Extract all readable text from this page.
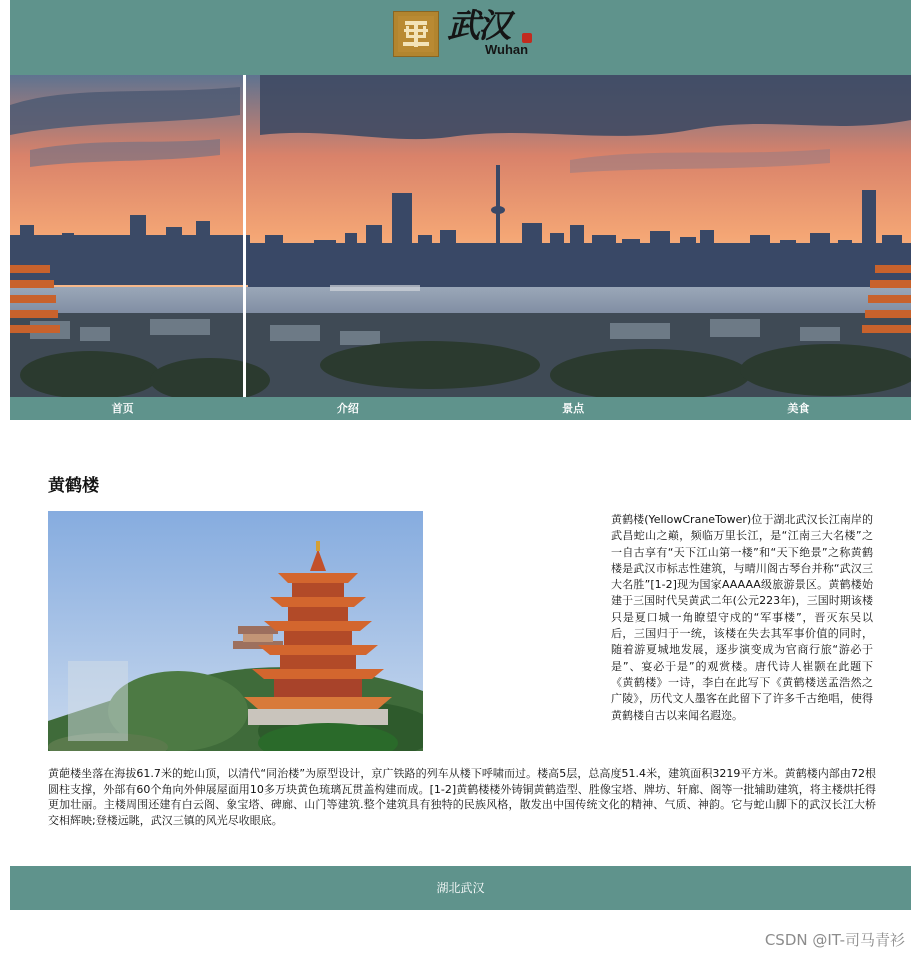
武汉
Wuhan
首页	介绍	景点	美食
黄鹤楼

黄鹤楼(YellowCraneTower)位于湖北武汉长江南岸的武昌蛇山之巅，频临万里长江，是“江南三大名楼”之一自古享有“天下江山第一楼”和“天下绝景”之称黄鹤楼是武汉市标志性建筑，与晴川阁古琴台并称“武汉三大名胜”[1-2]现为国家AAAAA级旅游景区。黄鹤楼始建于三国时代吴黄武二年(公元223年)，三国时期该楼只是夏口城一角瞭望守戍的“军事楼”，晋灭东吴以后，三国归于一统，该楼在失去其军事价值的同时，随着游夏城地发展，逐步演变成为官商行旅“游必于是”、宴必于是”的观赏楼。唐代诗人崔颢在此题下《黄鹤楼》一诗，李白在此写下《黄鹤楼送孟浩然之广陵》，历代文人墨客在此留下了许多千古绝唱，使得黄鹤楼自古以来闻名遐迩。

黄葩楼坐落在海拔61.7米的蛇山顶，以清代“同治楼”为原型设计，京广铁路的列车从楼下呼啸而过。楼高5层，总高度51.4米，建筑面积3219平方米。黄鹤楼内部由72根圆柱支撑，外部有60个角向外伸展屋面用10多万块黄色琉璃瓦贯盖构建而成。[1-2]黄鹤楼楼外铸铜黄鹤造型、胜像宝塔、牌坊、轩廊、阁等一批辅助建筑，将主楼烘托得更加壮丽。主楼周围还建有白云阁、象宝塔、碑廊、山门等建筑.整个建筑具有独特的民族风格，散发出中国传统文化的精神、气质、神韵。它与蛇山脚下的武汉长江大桥交相辉映;登楼远眺，武汉三镇的风光尽收眼底。

湖北武汉
CSDN @IT-司马青衫
